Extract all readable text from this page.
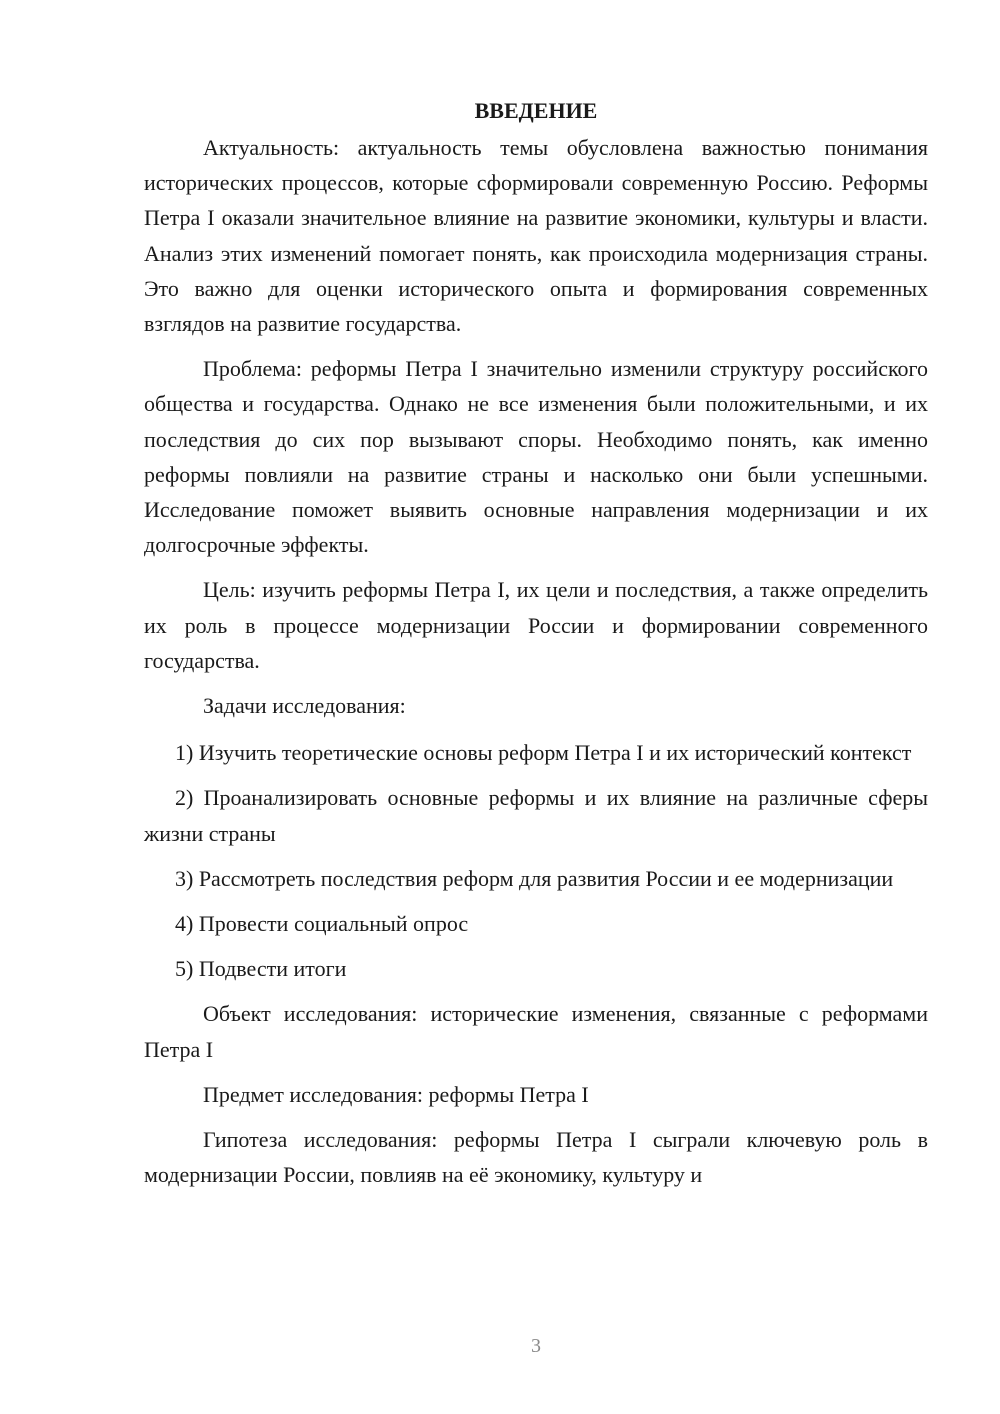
ВВЕДЕНИЕ

Актуальность: актуальность темы обусловлена важностью понимания исторических процессов, которые сформировали современную Россию. Реформы Петра I оказали значительное влияние на развитие экономики, культуры и власти. Анализ этих изменений помогает понять, как происходила модернизация страны. Это важно для оценки исторического опыта и формирования современных взглядов на развитие государства.

Проблема: реформы Петра I значительно изменили структуру российского общества и государства. Однако не все изменения были положительными, и их последствия до сих пор вызывают споры. Необходимо понять, как именно реформы повлияли на развитие страны и насколько они были успешными. Исследование поможет выявить основные направления модернизации и их долгосрочные эффекты.

Цель: изучить реформы Петра I, их цели и последствия, а также определить их роль в процессе модернизации России и формировании современного государства.

Задачи исследования:

1) Изучить теоретические основы реформ Петра I и их исторический контекст

2) Проанализировать основные реформы и их влияние на различные сферы жизни страны

3) Рассмотреть последствия реформ для развития России и ее модернизации

4) Провести социальный опрос

5) Подвести итоги

Объект исследования: исторические изменения, связанные с реформами Петра I

Предмет исследования: реформы Петра I

Гипотеза исследования: реформы Петра I сыграли ключевую роль в модернизации России, повлияв на её экономику, культуру и

3
